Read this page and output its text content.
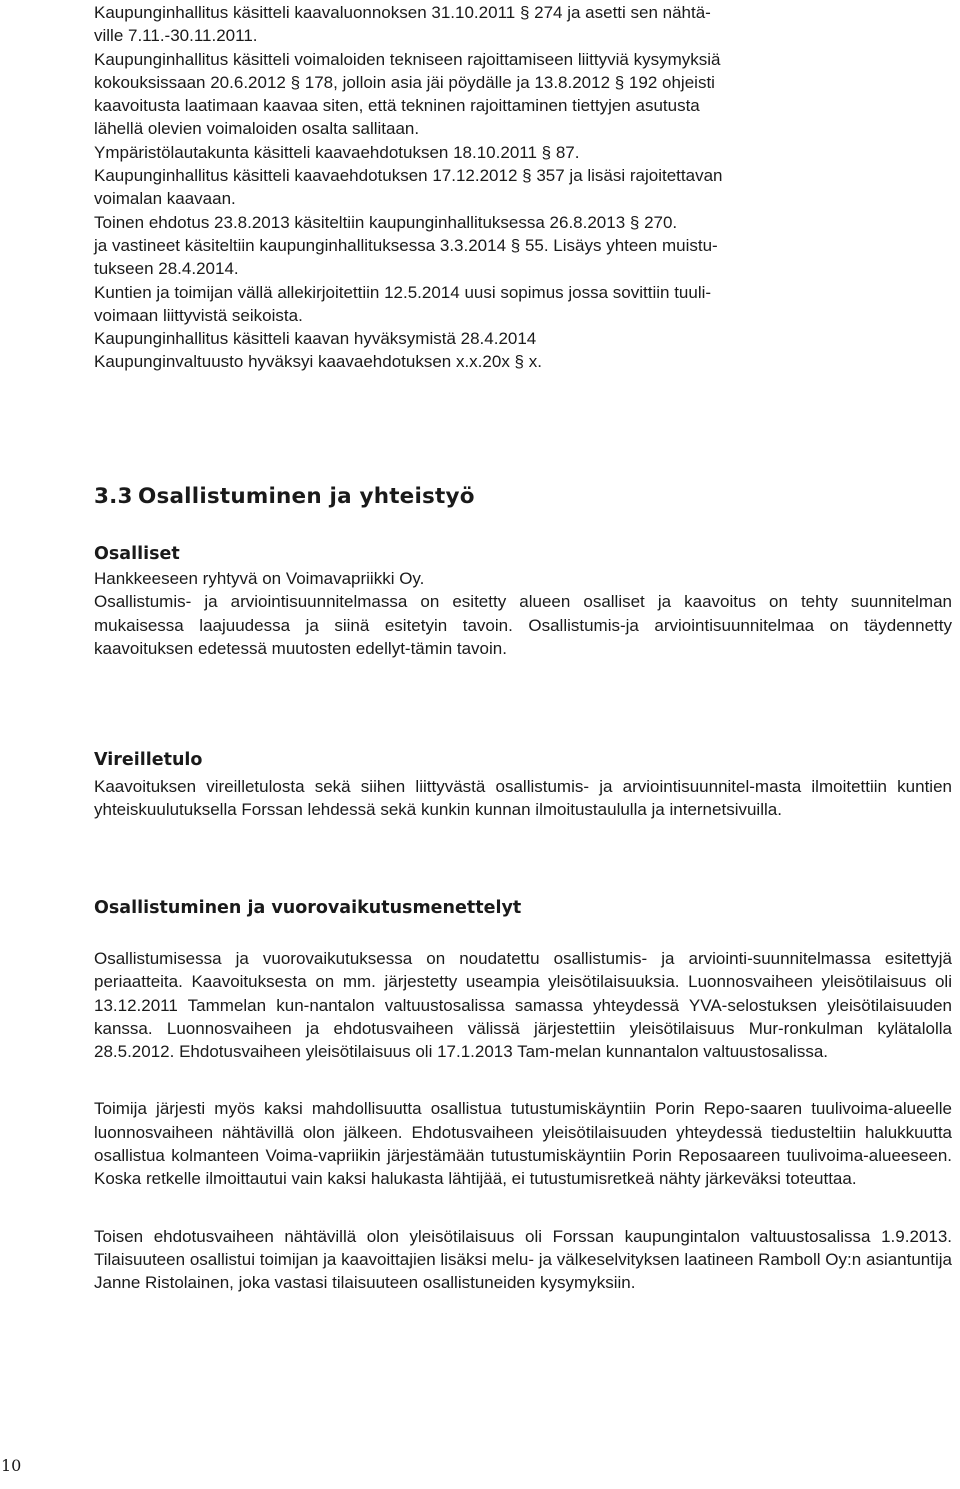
Kaupunginhallitus käsitteli kaavaluonnoksen 31.10.2011 § 274 ja asetti sen nähtä-

ville 7.11.-30.11.2011.

Kaupunginhallitus käsitteli voimaloiden tekniseen rajoittamiseen liittyviä kysymyksiä

kokouksissaan 20.6.2012 § 178, jolloin asia jäi pöydälle ja 13.8.2012 § 192 ohjeisti

kaavoitusta laatimaan kaavaa siten, että tekninen rajoittaminen tiettyjen asutusta

lähellä olevien voimaloiden osalta sallitaan.

Ympäristölautakunta käsitteli kaavaehdotuksen 18.10.2011 § 87.

Kaupunginhallitus käsitteli kaavaehdotuksen 17.12.2012 § 357 ja lisäsi rajoitettavan

voimalan kaavaan.

Toinen ehdotus 23.8.2013 käsiteltiin kaupunginhallituksessa 26.8.2013 § 270.

ja vastineet käsiteltiin kaupunginhallituksessa 3.3.2014 § 55. Lisäys yhteen muistu-

tukseen 28.4.2014.

Kuntien ja toimijan vällä allekirjoitettiin 12.5.2014 uusi sopimus jossa sovittiin tuuli-

voimaan liittyvistä seikoista.

Kaupunginhallitus käsitteli kaavan hyväksymistä 28.4.2014

Kaupunginvaltuusto hyväksyi kaavaehdotuksen x.x.20x § x.

3.3 Osallistuminen ja yhteistyö
Osalliset

Hankkeeseen ryhtyvä on Voimavapriikki Oy.

Osallistumis- ja arviointisuunnitelmassa on esitetty alueen osalliset ja kaavoitus on tehty suunnitelman mukaisessa laajuudessa ja siinä esitetyin tavoin. Osallistumis-ja arviointisuunnitelmaa on täydennetty kaavoituksen edetessä muutosten edellyt-tämin tavoin.

Vireilletulo

Kaavoituksen vireilletulosta sekä siihen liittyvästä osallistumis- ja arviointisuunnitel-masta ilmoitettiin kuntien yhteiskuulutuksella Forssan lehdessä sekä kunkin kunnan ilmoitustaululla ja internetsivuilla.

Osallistuminen ja vuorovaikutusmenettelyt

Osallistumisessa ja vuorovaikutuksessa on noudatettu osallistumis- ja arviointi-suunnitelmassa esitettyjä periaatteita. Kaavoituksesta on mm. järjestetty useampia yleisötilaisuuksia. Luonnosvaiheen yleisötilaisuus oli 13.12.2011 Tammelan kun-nantalon valtuustosalissa samassa yhteydessä YVA-selostuksen yleisötilaisuuden kanssa. Luonnosvaiheen ja ehdotusvaiheen välissä järjestettiin yleisötilaisuus Mur-ronkulman kylätalolla 28.5.2012. Ehdotusvaiheen yleisötilaisuus oli 17.1.2013 Tam-melan kunnantalon valtuustosalissa.

Toimija järjesti myös kaksi mahdollisuutta osallistua tutustumiskäyntiin Porin Repo-saaren tuulivoima-alueelle luonnosvaiheen nähtävillä olon jälkeen. Ehdotusvaiheen yleisötilaisuuden yhteydessä tiedusteltiin halukkuutta osallistua kolmanteen Voima-vapriikin järjestämään tutustumiskäyntiin Porin Reposaareen tuulivoima-alueeseen. Koska retkelle ilmoittautui vain kaksi halukasta lähtijää, ei tutustumisretkeä nähty järkeväksi toteuttaa.

Toisen ehdotusvaiheen nähtävillä olon yleisötilaisuus oli Forssan kaupungintalon valtuustosalissa 1.9.2013. Tilaisuuteen osallistui toimijan ja kaavoittajien lisäksi melu- ja välkeselvityksen laatineen Ramboll Oy:n asiantuntija Janne Ristolainen, joka vastasi tilaisuuteen osallistuneiden kysymyksiin.

10
